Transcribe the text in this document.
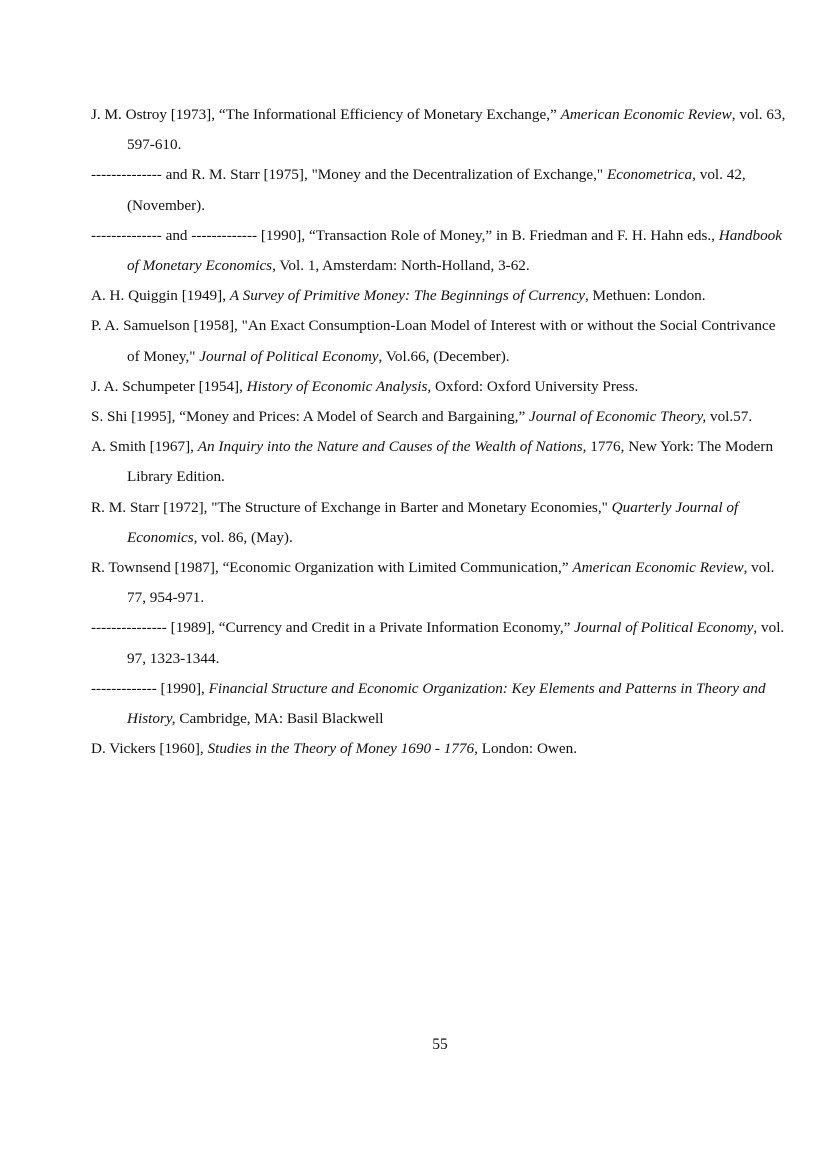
J. M. Ostroy [1973], “The Informational Efficiency of Monetary Exchange,” American Economic Review, vol. 63, 597-610.

-------------- and R. M. Starr [1975], "Money and the Decentralization of Exchange," Econometrica, vol. 42, (November).

-------------- and ------------- [1990], “Transaction Role of Money,” in B. Friedman and F. H. Hahn eds., Handbook of Monetary Economics, Vol. 1, Amsterdam: North-Holland, 3-62.

A. H. Quiggin [1949], A Survey of Primitive Money: The Beginnings of Currency, Methuen: London.

P. A. Samuelson [1958], "An Exact Consumption-Loan Model of Interest with or without the Social Contrivance of Money," Journal of Political Economy, Vol.66, (December).

J. A. Schumpeter [1954], History of Economic Analysis, Oxford: Oxford University Press.

S. Shi [1995], “Money and Prices: A Model of Search and Bargaining,” Journal of Economic Theory, vol.57.

A. Smith [1967], An Inquiry into the Nature and Causes of the Wealth of Nations, 1776, New York: The Modern Library Edition.

R. M. Starr [1972], "The Structure of Exchange in Barter and Monetary Economies," Quarterly Journal of Economics, vol. 86, (May).

R. Townsend [1987], “Economic Organization with Limited Communication,” American Economic Review, vol. 77, 954-971.

--------------- [1989], “Currency and Credit in a Private Information Economy,” Journal of Political Economy, vol. 97, 1323-1344.

------------- [1990], Financial Structure and Economic Organization: Key Elements and Patterns in Theory and History, Cambridge, MA: Basil Blackwell

D. Vickers [1960], Studies in the Theory of Money 1690 - 1776, London: Owen.

55
